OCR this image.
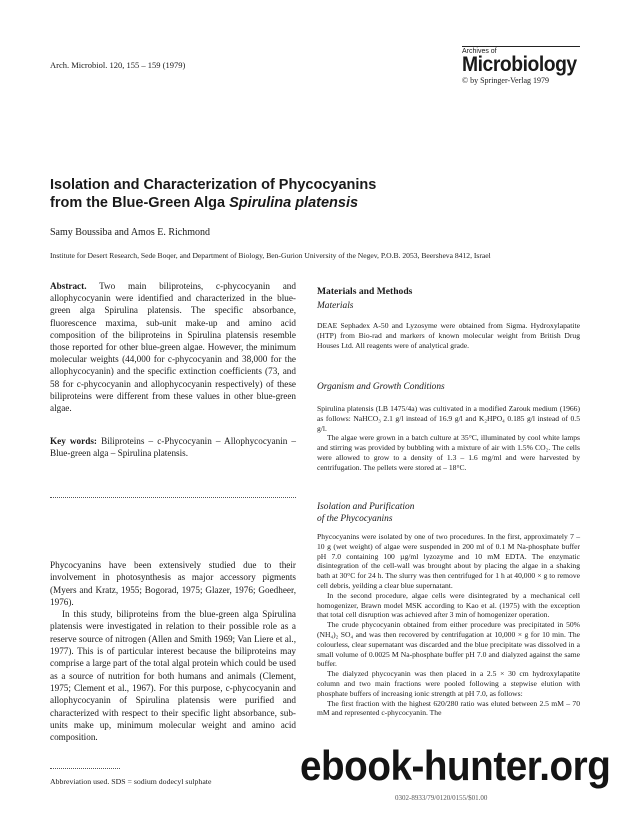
Arch. Microbiol. 120, 155 – 159 (1979)
Archives of
Microbiology
© by Springer-Verlag 1979
Isolation and Characterization of Phycocyanins
from the Blue-Green Alga Spirulina platensis
Samy Boussiba and Amos E. Richmond
Institute for Desert Research, Sede Boqer, and Department of Biology, Ben-Gurion University of the Negev, P.O.B. 2053, Beersheva 8412, Israel
Abstract. Two main biliproteins, c-phycocyanin and allophycocyanin were identified and characterized in the blue-green alga Spirulina platensis. The specific absorbance, fluorescence maxima, sub-unit make-up and amino acid composition of the biliproteins in Spirulina platensis resemble those reported for other blue-green algae. However, the minimum molecular weights (44,000 for c-phycocyanin and 38,000 for the allophycocyanin) and the specific extinction coefficients (73, and 58 for c-phycocyanin and allophycocyanin respectively) of these biliproteins were different from these values in other blue-green algae.
Key words: Biliproteins – c-Phycocyanin – Allophycocyanin – Blue-green alga – Spirulina platensis.

Phycocyanins have been extensively studied due to their involvement in photosynthesis as major accessory pigments (Myers and Kratz, 1955; Bogorad, 1975; Glazer, 1976; Goedheer, 1976).

In this study, biliproteins from the blue-green alga Spirulina platensis were investigated in relation to their possible role as a reserve source of nitrogen (Allen and Smith 1969; Van Liere et al., 1977). This is of particular interest because the biliproteins may comprise a large part of the total algal protein which could be used as a source of nutrition for both humans and animals (Clement, 1975; Clement et al., 1967). For this purpose, c-phycocyanin and allophycocyanin of Spirulina platensis were purified and characterized with respect to their specific light absorbance, sub-units make up, minimum molecular weight and amino acid composition.

Abbreviation used. SDS = sodium dodecyl sulphate
Materials and Methods
Materials
DEAE Sephadex A-50 and Lyzosyme were obtained from Sigma. Hydroxylapatite (HTP) from Bio-rad and markers of known molecular weight from British Drug Houses Ltd. All reagents were of analytical grade.
Organism and Growth Conditions

Spirulina platensis (LB 1475/4a) was cultivated in a modified Zarouk medium (1966) as follows: NaHCO₃ 2.1 g/l instead of 16.9 g/l and K₂HPO₄ 0.185 g/l instead of 0.5 g/l.

The algae were grown in a batch culture at 35°C, illuminated by cool white lamps and stirring was provided by bubbling with a mixture of air with 1.5% CO₂. The cells were allowed to grow to a density of 1.3 – 1.6 mg/ml and were harvested by centrifugation. The pellets were stored at – 18°C.

Isolation and Purification
of the Phycocyanins

Phycocyanins were isolated by one of two procedures. In the first, approximately 7 – 10 g (wet weight) of algae were suspended in 200 ml of 0.1 M Na-phosphate buffer pH 7.0 containing 100 µg/ml lyzozyme and 10 mM EDTA. The enzymatic disintegration of the cell-wall was brought about by placing the algae in a shaking bath at 30°C for 24 h. The slurry was then centrifuged for 1 h at 40,000 × g to remove cell debris, yeilding a clear blue supernatant.

In the second procedure, algae cells were disintegrated by a mechanical cell homogenizer, Brawn model MSK according to Kao et al. (1975) with the exception that total cell disruption was achieved after 3 min of homogenizer operation.

The crude phycocyanin obtained from either procedure was precipitated in 50% (NH₄)₂ SO₄ and was then recovered by centrifugation at 10,000 × g for 10 min. The colourless, clear supernatant was discarded and the blue precipitate was dissolved in a small volume of 0.0025 M Na-phosphate buffer pH 7.0 and dialyzed against the same buffer.

The dialyzed phycocyanin was then placed in a 2.5 × 30 cm hydroxylapatite column and two main fractions were pooled following a stepwise elution with phosphate buffers of increasing ionic strength at pH 7.0, as follows:

The first fraction with the highest 620/280 ratio was eluted between 2.5 mM – 70 mM and represented c-phycocyanin. The

0302-8933/79/0120/0155/$01.00
ebook-hunter.org
